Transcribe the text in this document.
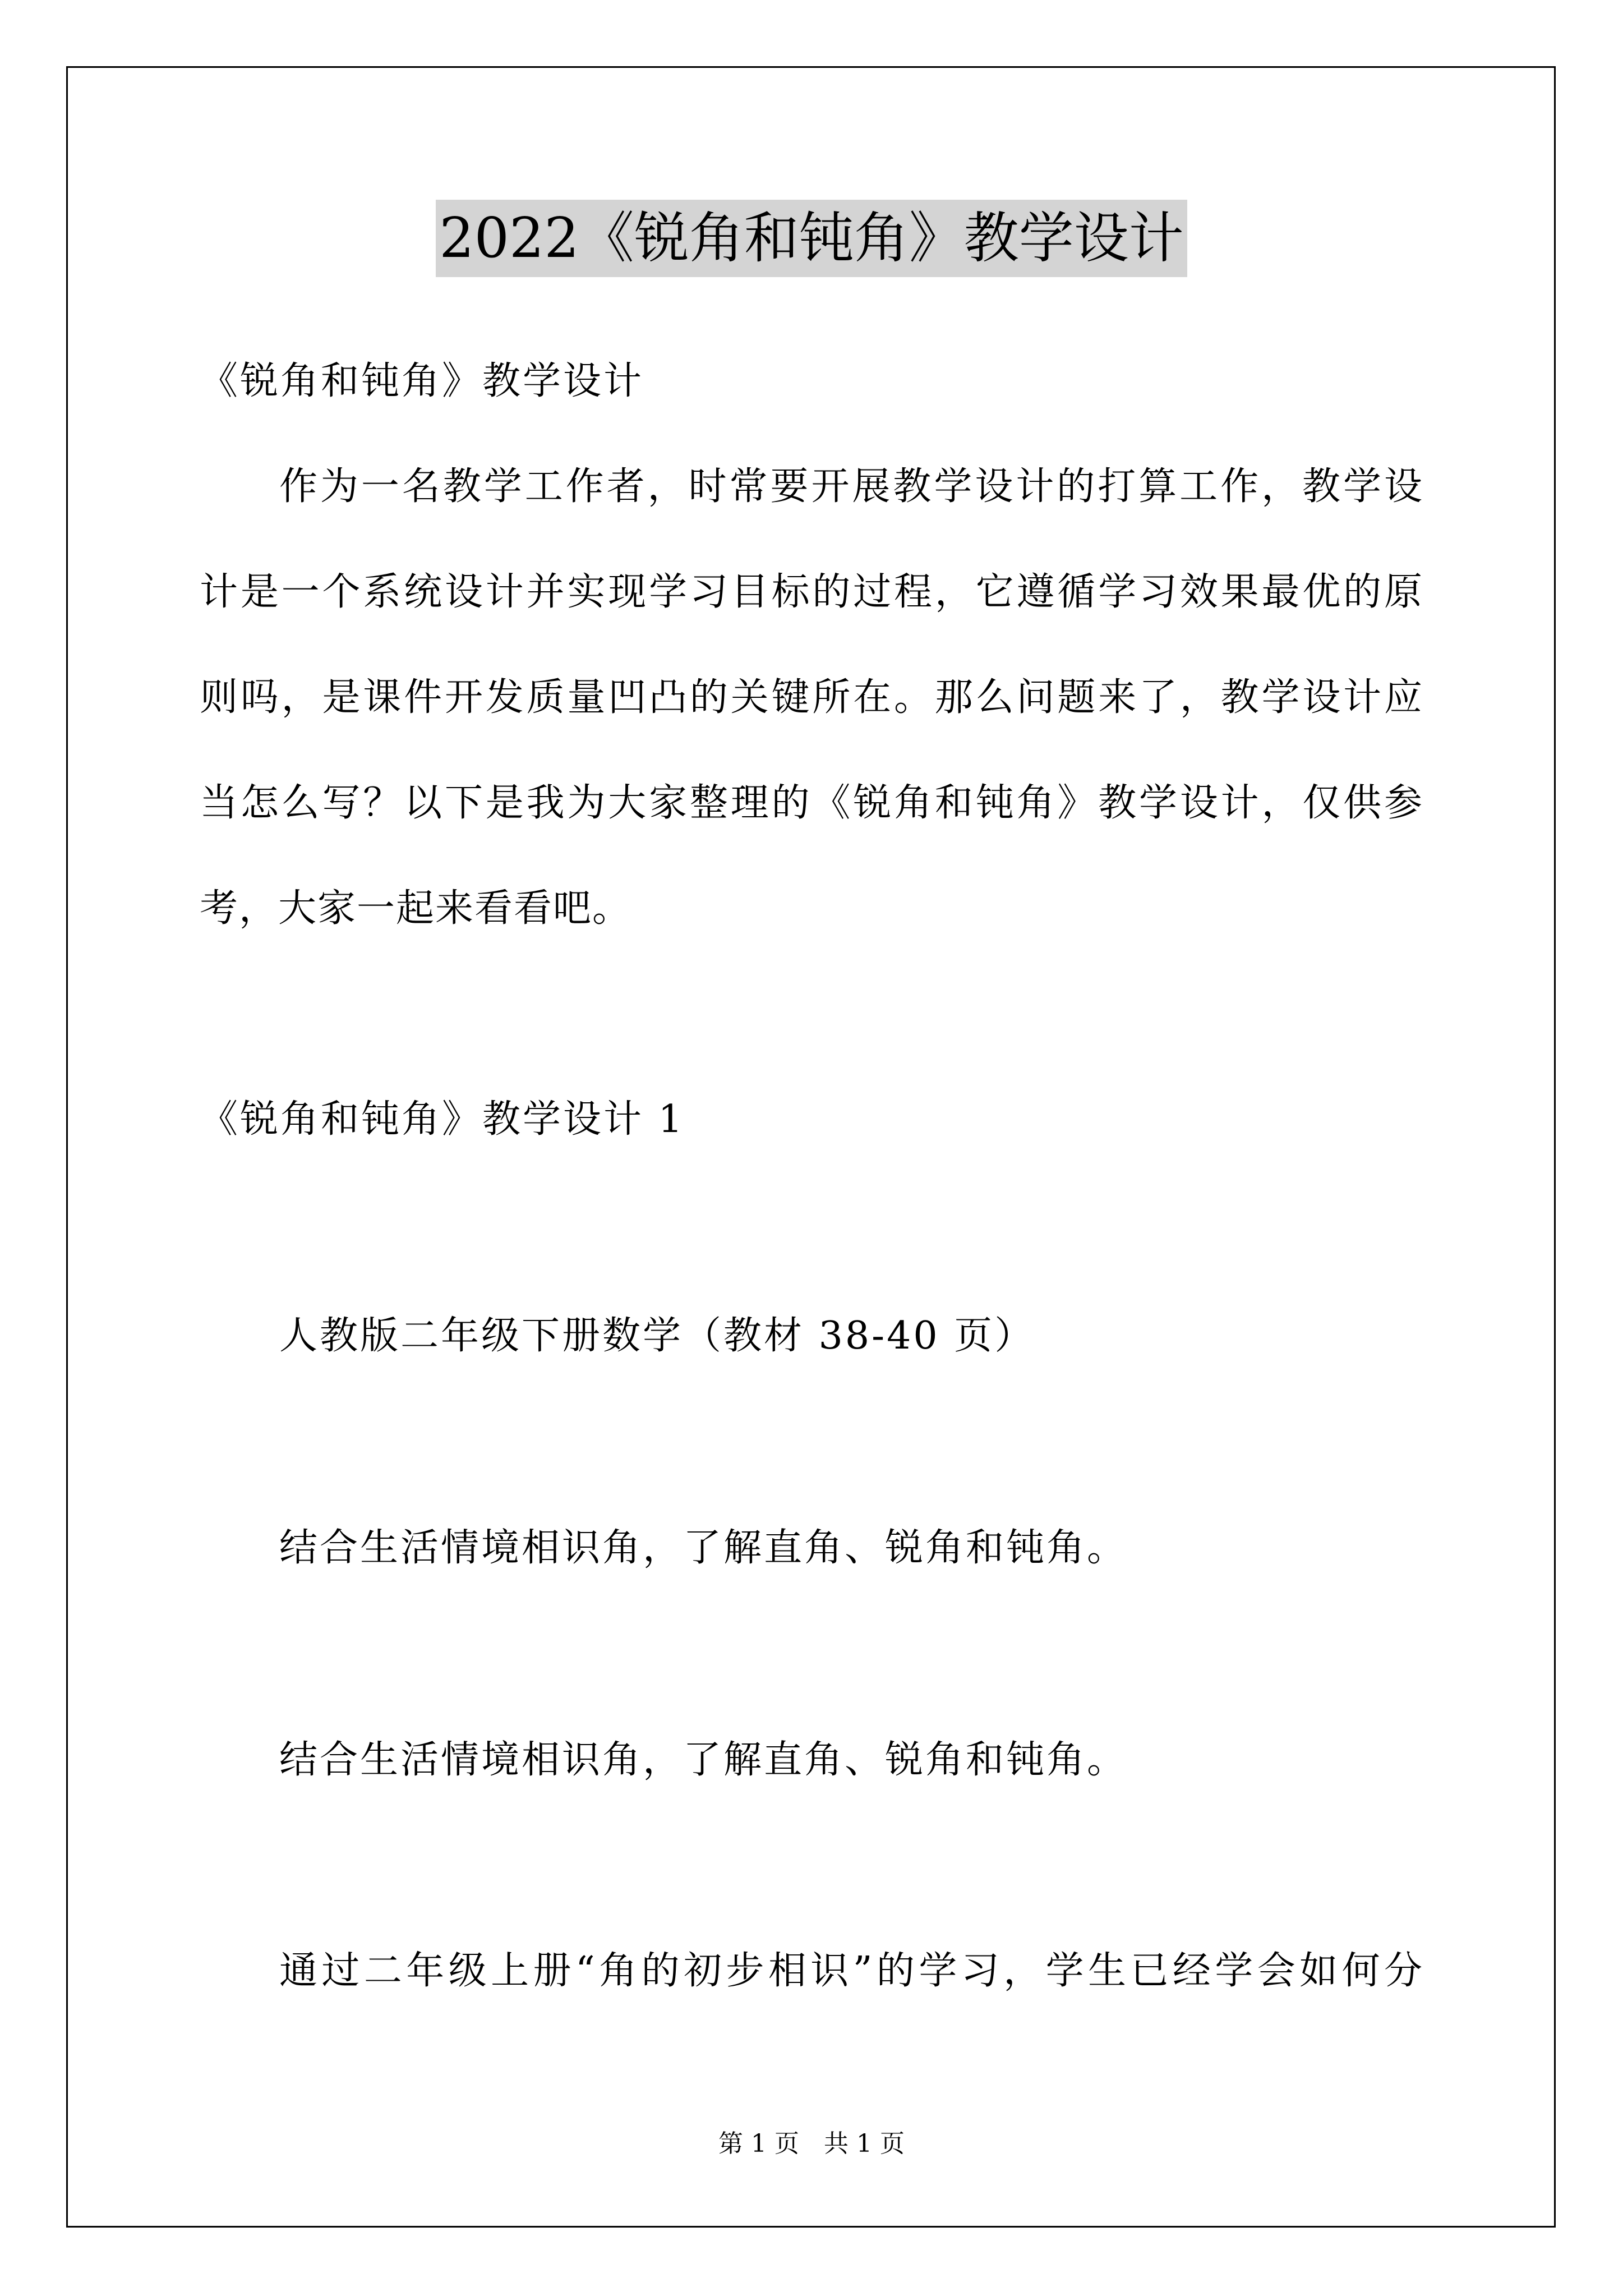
2022《锐角和钝角》教学设计
《锐角和钝角》教学设计
作为一名教学工作者，时常要开展教学设计的打算工作，教学设
计是一个系统设计并实现学习目标的过程，它遵循学习效果最优的原
则吗，是课件开发质量凹凸的关键所在。那么问题来了，教学设计应
当怎么写？以下是我为大家整理的《锐角和钝角》教学设计，仅供参
考，大家一起来看看吧。
《锐角和钝角》教学设计 1
人教版二年级下册数学（教材 38-40 页）
结合生活情境相识角，了解直角、锐角和钝角。
结合生活情境相识角，了解直角、锐角和钝角。
通过二年级上册“角的初步相识”的学习，学生已经学会如何分
第 1 页　共 1 页
